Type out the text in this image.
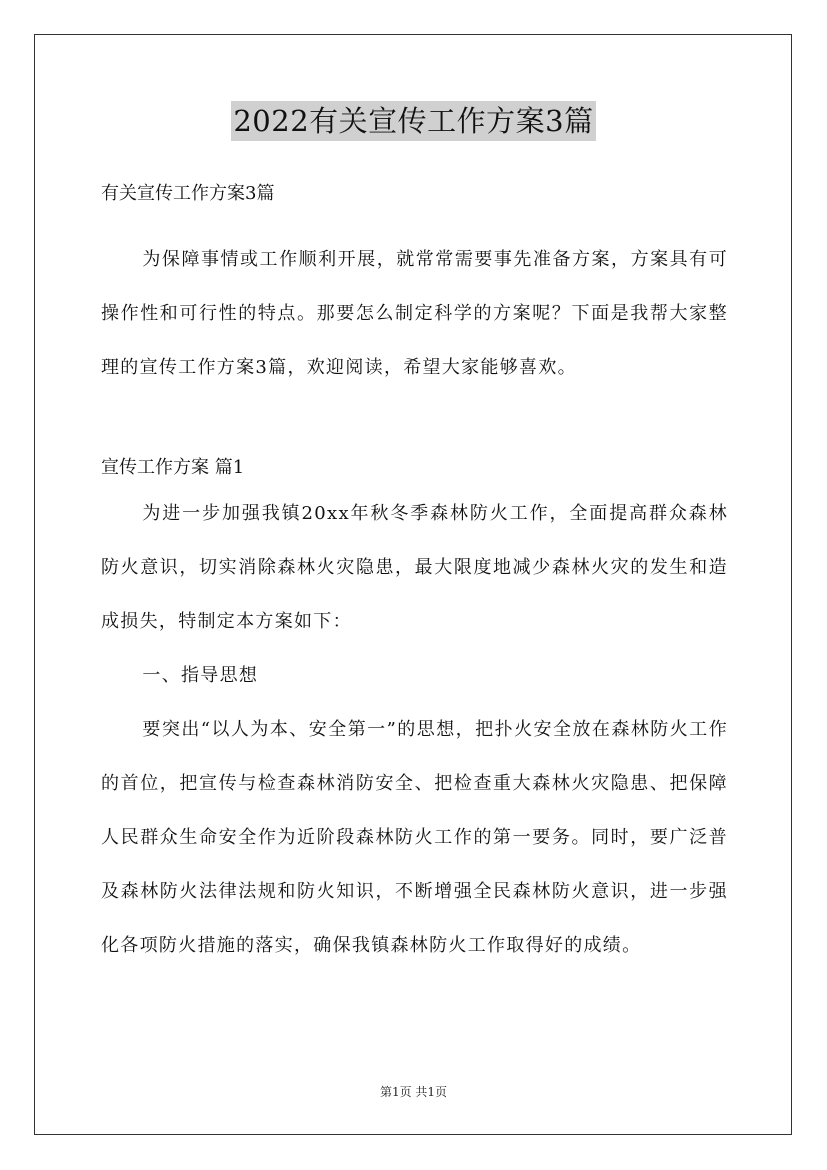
2022有关宣传工作方案3篇
有关宣传工作方案3篇

为保障事情或工作顺利开展，就常常需要事先准备方案，方案具有可操作性和可行性的特点。那要怎么制定科学的方案呢？下面是我帮大家整理的宣传工作方案3篇，欢迎阅读，希望大家能够喜欢。

宣传工作方案 篇1

为进一步加强我镇20xx年秋冬季森林防火工作，全面提高群众森林防火意识，切实消除森林火灾隐患，最大限度地减少森林火灾的发生和造成损失，特制定本方案如下：

一、指导思想

要突出“以人为本、安全第一”的思想，把扑火安全放在森林防火工作的首位，把宣传与检查森林消防安全、把检查重大森林火灾隐患、把保障人民群众生命安全作为近阶段森林防火工作的第一要务。同时，要广泛普及森林防火法律法规和防火知识，不断增强全民森林防火意识，进一步强化各项防火措施的落实，确保我镇森林防火工作取得好的成绩。

第1页 共1页
